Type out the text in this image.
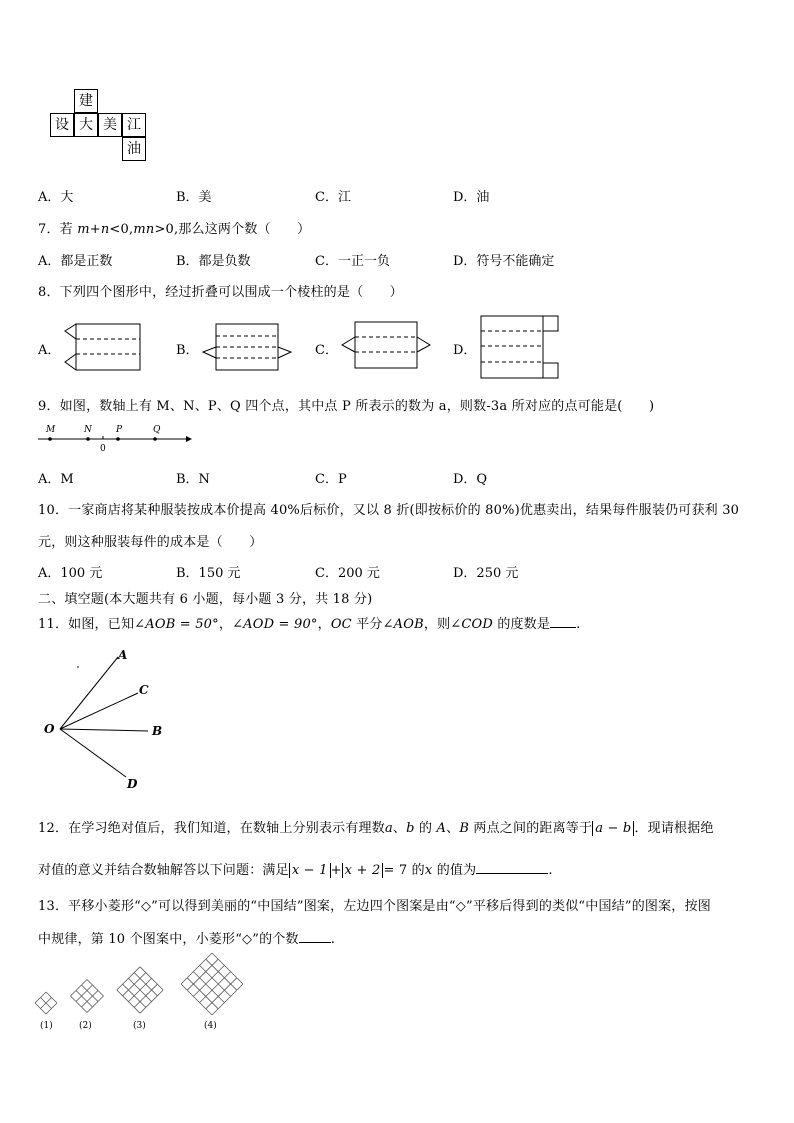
建
设 大 美 江
油
A．大	B．美	C．江	D．油
7．若 m+n<0,mn>0,那么这两个数（　　）
A．都是正数	B．都是负数	C．一正一负	D．符号不能确定
8．下列四个图形中，经过折叠可以围成一个棱柱的是（　　）
A．	B．	C．	D．
9．如图，数轴上有 M、N、P、Q 四个点，其中点 P 所表示的数为 a，则数-3a 所对应的点可能是(　　)
M	N	P	Q
0
A．M	B．N	C．P	D．Q
10．一家商店将某种服装按成本价提高 40%后标价，又以 8 折(即按标价的 80%)优惠卖出，结果每件服装仍可获利 30
元，则这种服装每件的成本是（　　）
A．100 元	B．150 元	C．200 元	D．250 元
二、填空题(本大题共有 6 小题，每小题 3 分，共 18 分)
11．如图，已知∠AOB = 50°，∠AOD = 90°，OC 平分∠AOB，则∠COD 的度数是 .
A
C
O	B
D
12．在学习绝对值后，我们知道，在数轴上分别表示有理数a、b 的 A、B 两点之间的距离等于 a − b ．现请根据绝
对值的意义并结合数轴解答以下问题：满足 x − 1 + x + 2 = 7 的x 的值为	.
13．平移小菱形“◇”可以得到美丽的“中国结”图案，左边四个图案是由“◇”平移后得到的类似“中国结”的图案，按图
中规律，第 10 个图案中，小菱形“◇”的个数 .
(1)	(2)	(3)	(4)
